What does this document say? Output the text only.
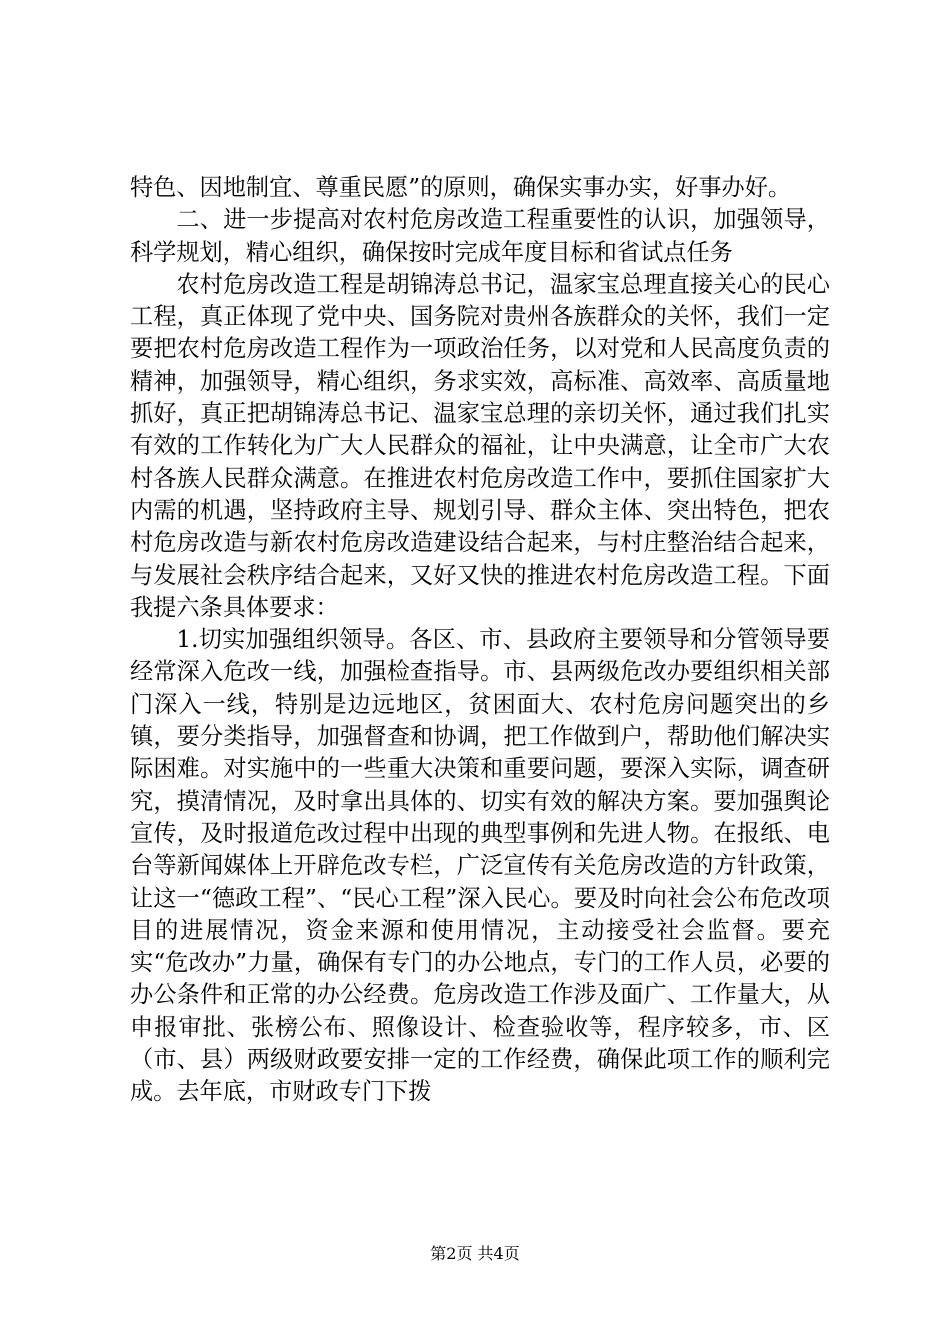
特色、因地制宜、尊重民愿”的原则，确保实事办实，好事办好。

二、进一步提高对农村危房改造工程重要性的认识，加强领导，科学规划，精心组织，确保按时完成年度目标和省试点任务

农村危房改造工程是胡锦涛总书记，温家宝总理直接关心的民心工程，真正体现了党中央、国务院对贵州各族群众的关怀，我们一定要把农村危房改造工程作为一项政治任务，以对党和人民高度负责的精神，加强领导，精心组织，务求实效，高标准、高效率、高质量地抓好，真正把胡锦涛总书记、温家宝总理的亲切关怀，通过我们扎实有效的工作转化为广大人民群众的福祉，让中央满意，让全市广大农村各族人民群众满意。在推进农村危房改造工作中，要抓住国家扩大内需的机遇，坚持政府主导、规划引导、群众主体、突出特色，把农村危房改造与新农村危房改造建设结合起来，与村庄整治结合起来，与发展社会秩序结合起来，又好又快的推进农村危房改造工程。下面我提六条具体要求：

1.切实加强组织领导。各区、市、县政府主要领导和分管领导要经常深入危改一线，加强检查指导。市、县两级危改办要组织相关部门深入一线，特别是边远地区，贫困面大、农村危房问题突出的乡镇，要分类指导，加强督查和协调，把工作做到户，帮助他们解决实际困难。对实施中的一些重大决策和重要问题，要深入实际，调查研究，摸清情况，及时拿出具体的、切实有效的解决方案。要加强舆论宣传，及时报道危改过程中出现的典型事例和先进人物。在报纸、电台等新闻媒体上开辟危改专栏，广泛宣传有关危房改造的方针政策，让这一“德政工程”、“民心工程”深入民心。要及时向社会公布危改项目的进展情况，资金来源和使用情况，主动接受社会监督。要充实“危改办”力量，确保有专门的办公地点，专门的工作人员，必要的办公条件和正常的办公经费。危房改造工作涉及面广、工作量大，从申报审批、张榜公布、照像设计、检查验收等，程序较多，市、区（市、县）两级财政要安排一定的工作经费，确保此项工作的顺利完成。去年底，市财政专门下拨

第2页 共4页
